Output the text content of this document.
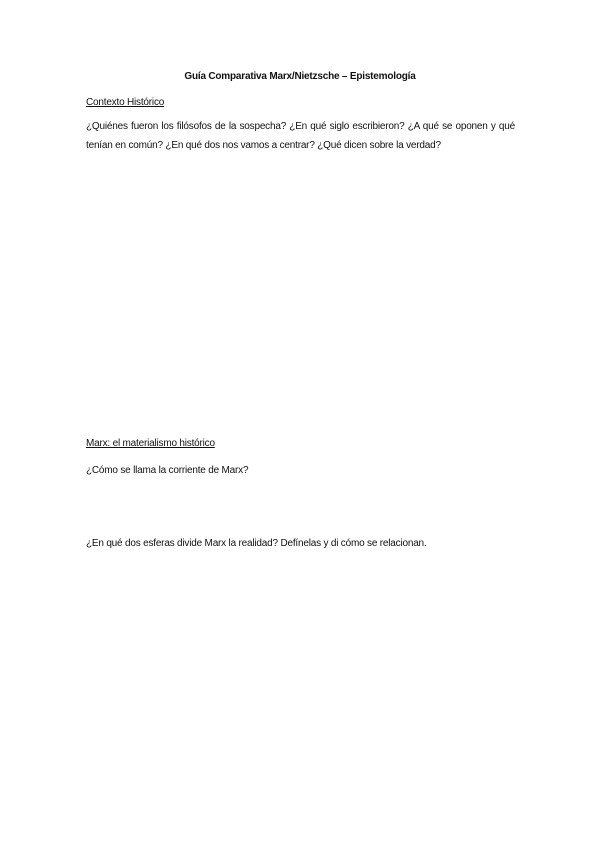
Guía Comparativa Marx/Nietzsche – Epistemología
Contexto Histórico
¿Quiénes fueron los filósofos de la sospecha? ¿En qué siglo escribieron? ¿A qué se oponen y qué tenían en común? ¿En qué dos nos vamos a centrar? ¿Qué dicen sobre la verdad?
Marx: el materialismo histórico
¿Cómo se llama la corriente de Marx?
¿En qué dos esferas divide Marx la realidad? Defínelas y di cómo se relacionan.
